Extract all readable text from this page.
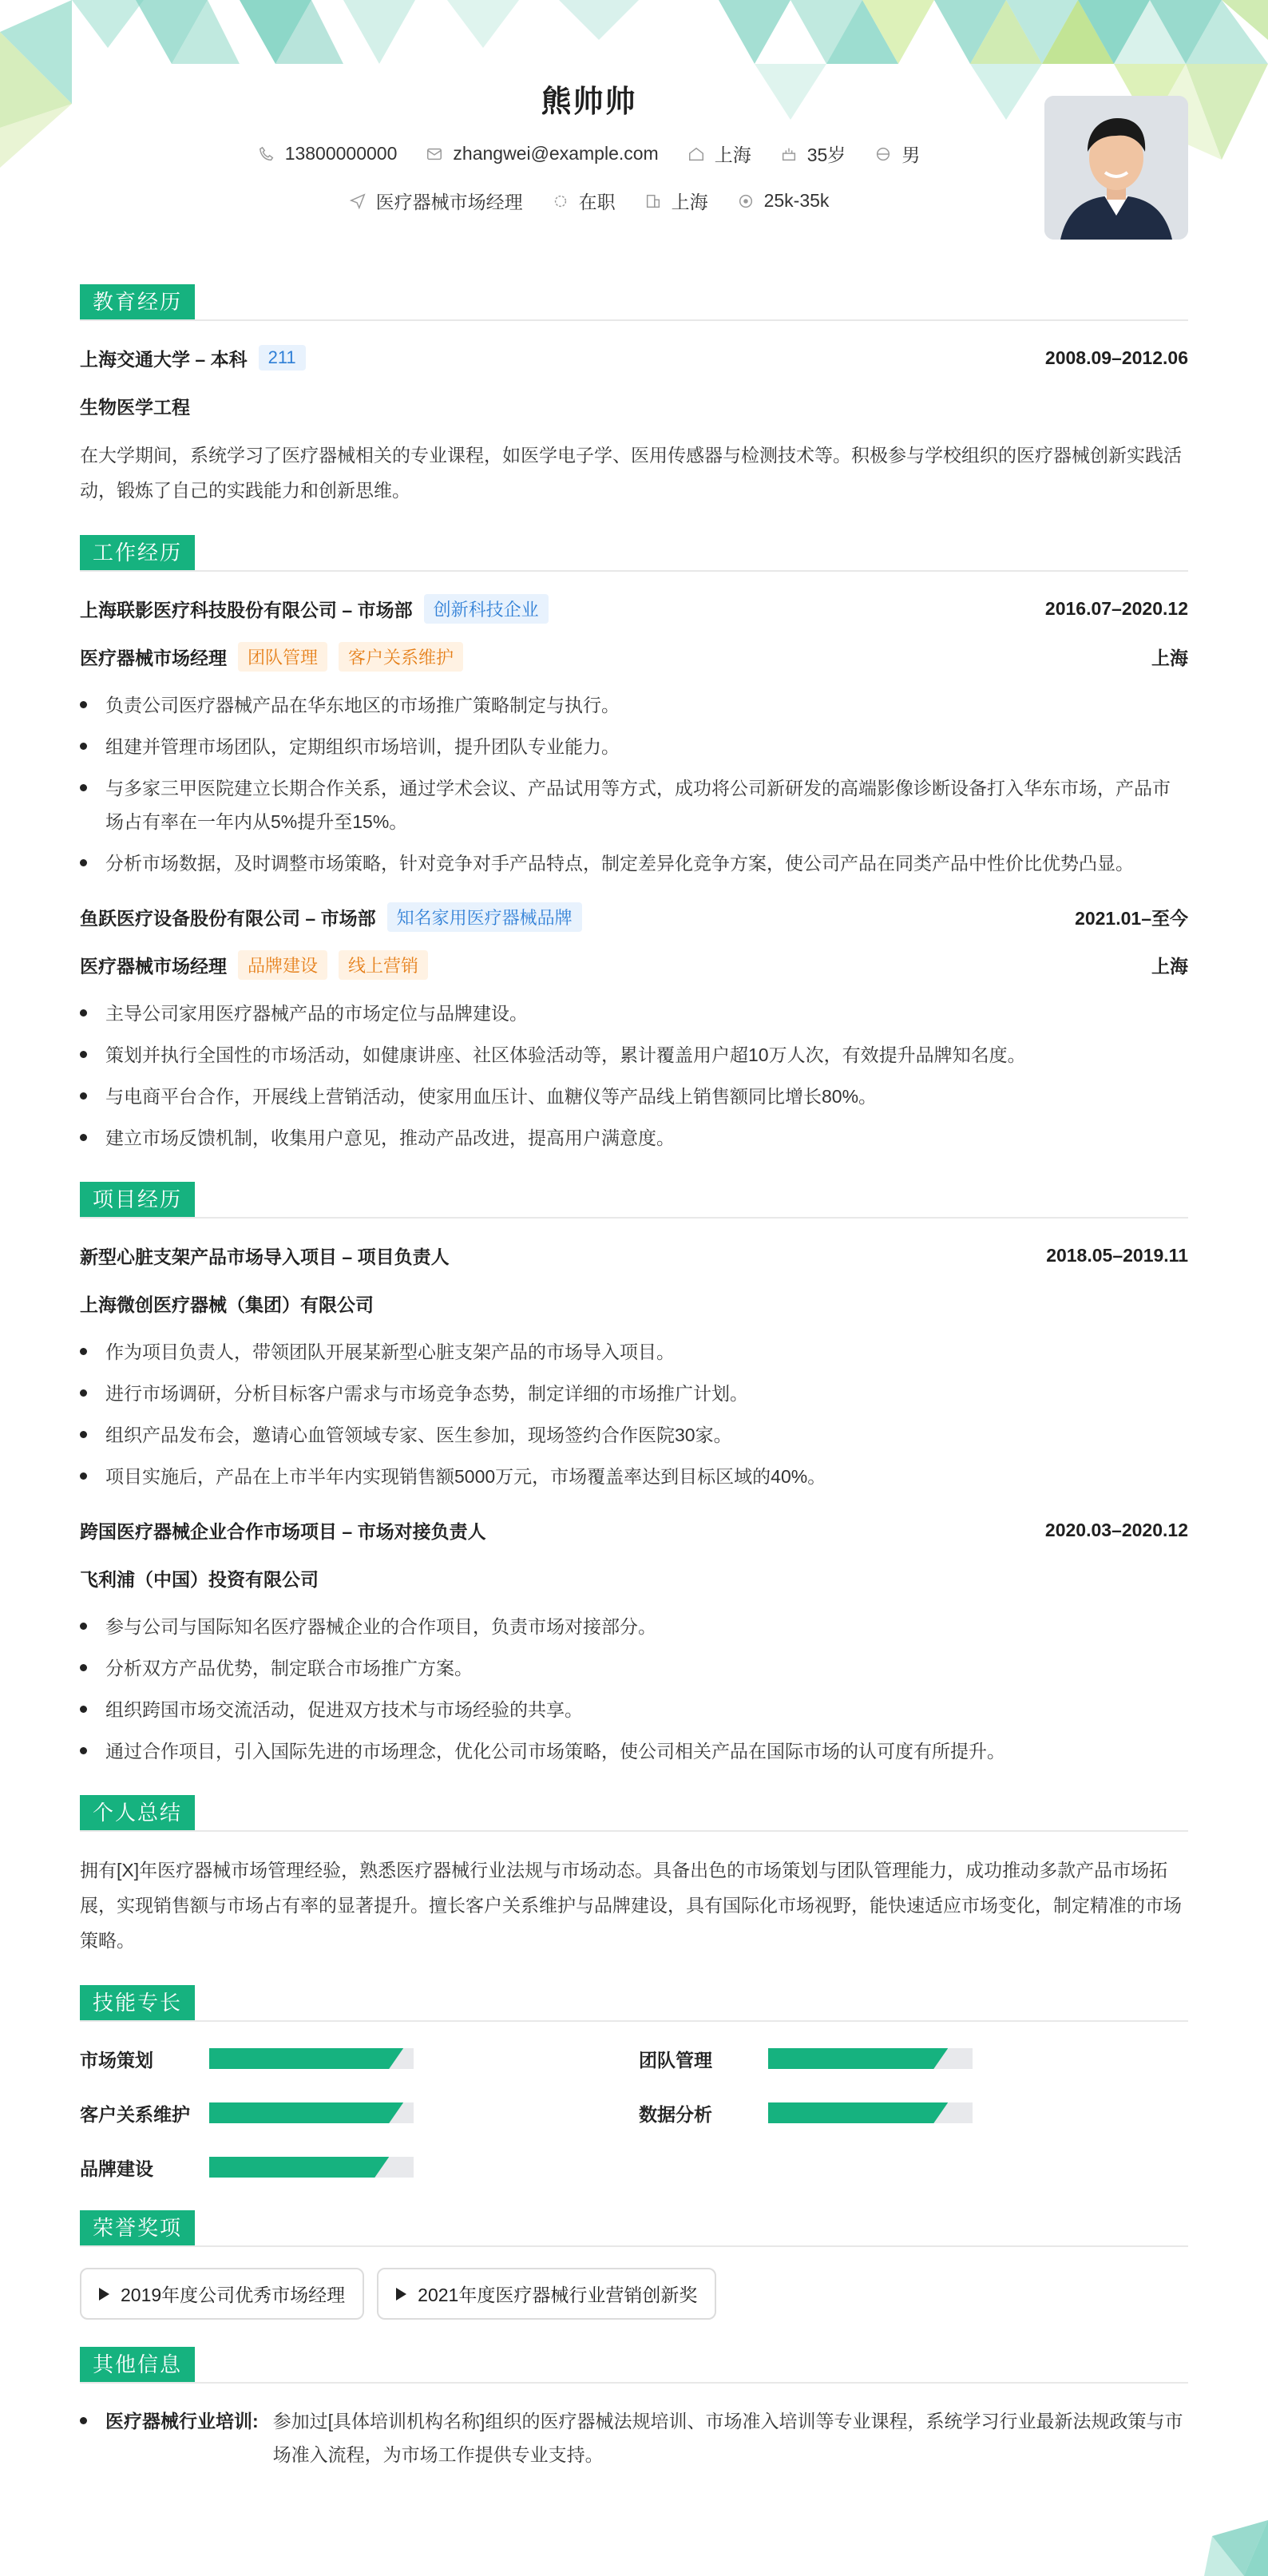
熊帅帅
13800000000	zhangwei@example.com	上海	35岁	男
医疗器械市场经理	在职	上海	25k-35k
教育经历
上海交通大学 – 本科	211	2008.09–2012.06
生物医学工程

在大学期间，系统学习了医疗器械相关的专业课程，如医学电子学、医用传感器与检测技术等。积极参与学校组织的医疗器械创新实践活动，锻炼了自己的实践能力和创新思维。

工作经历
上海联影医疗科技股份有限公司 – 市场部	创新科技企业	2016.07–2020.12
医疗器械市场经理	团队管理	客户关系维护	上海
负责公司医疗器械产品在华东地区的市场推广策略制定与执行。
组建并管理市场团队，定期组织市场培训，提升团队专业能力。
与多家三甲医院建立长期合作关系，通过学术会议、产品试用等方式，成功将公司新研发的高端影像诊断设备打入华东市场，产品市场占有率在一年内从5%提升至15%。
分析市场数据，及时调整市场策略，针对竞争对手产品特点，制定差异化竞争方案，使公司产品在同类产品中性价比优势凸显。
鱼跃医疗设备股份有限公司 – 市场部	知名家用医疗器械品牌	2021.01–至今
医疗器械市场经理	品牌建设	线上营销	上海
主导公司家用医疗器械产品的市场定位与品牌建设。
策划并执行全国性的市场活动，如健康讲座、社区体验活动等，累计覆盖用户超10万人次，有效提升品牌知名度。
与电商平台合作，开展线上营销活动，使家用血压计、血糖仪等产品线上销售额同比增长80%。
建立市场反馈机制，收集用户意见，推动产品改进，提高用户满意度。
项目经历
新型心脏支架产品市场导入项目 – 项目负责人	2018.05–2019.11
上海微创医疗器械（集团）有限公司
作为项目负责人，带领团队开展某新型心脏支架产品的市场导入项目。
进行市场调研，分析目标客户需求与市场竞争态势，制定详细的市场推广计划。
组织产品发布会，邀请心血管领域专家、医生参加，现场签约合作医院30家。
项目实施后，产品在上市半年内实现销售额5000万元，市场覆盖率达到目标区域的40%。
跨国医疗器械企业合作市场项目 – 市场对接负责人	2020.03–2020.12
飞利浦（中国）投资有限公司
参与公司与国际知名医疗器械企业的合作项目，负责市场对接部分。
分析双方产品优势，制定联合市场推广方案。
组织跨国市场交流活动，促进双方技术与市场经验的共享。
通过合作项目，引入国际先进的市场理念，优化公司市场策略，使公司相关产品在国际市场的认可度有所提升。
个人总结

拥有[X]年医疗器械市场管理经验，熟悉医疗器械行业法规与市场动态。具备出色的市场策划与团队管理能力，成功推动多款产品市场拓展，实现销售额与市场占有率的显著提升。擅长客户关系维护与品牌建设，具有国际化市场视野，能快速适应市场变化，制定精准的市场策略。

技能专长
市场策划	团队管理
客户关系维护	数据分析
品牌建设
荣誉奖项
2019年度公司优秀市场经理	2021年度医疗器械行业营销创新奖
其他信息
医疗器械行业培训: 参加过[具体培训机构名称]组织的医疗器械法规培训、市场准入培训等专业课程，系统学习行业最新法规政策与市场准入流程，为市场工作提供专业支持。
